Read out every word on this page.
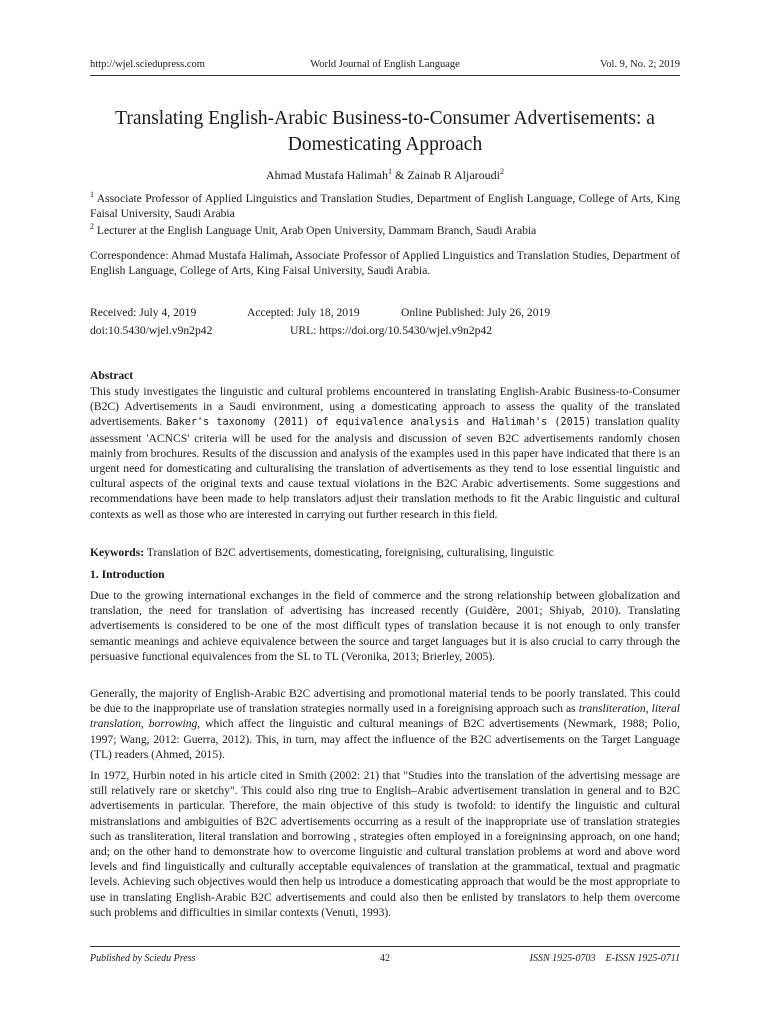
http://wjel.sciedupress.com	World Journal of English Language	Vol. 9, No. 2; 2019
Translating English-Arabic Business-to-Consumer Advertisements: a Domesticating Approach
Ahmad Mustafa Halimah$^1$ & Zainab R Aljaroudi$^2$
$^1$ Associate Professor of Applied Linguistics and Translation Studies, Department of English Language, College of Arts, King Faisal University, Saudi Arabia
$^2$ Lecturer at the English Language Unit, Arab Open University, Dammam Branch, Saudi Arabia
Correspondence: Ahmad Mustafa Halimah, Associate Professor of Applied Linguistics and Translation Studies, Department of English Language, College of Arts, King Faisal University, Saudi Arabia.
Received: July 4, 2019	Accepted: July 18, 2019	Online Published: July 26, 2019
doi:10.5430/wjel.v9n2p42	URL: https://doi.org/10.5430/wjel.v9n2p42
Abstract
This study investigates the linguistic and cultural problems encountered in translating English-Arabic Business-to-Consumer (B2C) Advertisements in a Saudi environment, using a domesticating approach to assess the quality of the translated advertisements. Baker's taxonomy (2011) of equivalence analysis and Halimah's (2015) translation quality assessment 'ACNCS' criteria will be used for the analysis and discussion of seven B2C advertisements randomly chosen mainly from brochures. Results of the discussion and analysis of the examples used in this paper have indicated that there is an urgent need for domesticating and culturalising the translation of advertisements as they tend to lose essential linguistic and cultural aspects of the original texts and cause textual violations in the B2C Arabic advertisements. Some suggestions and recommendations have been made to help translators adjust their translation methods to fit the Arabic linguistic and cultural contexts as well as those who are interested in carrying out further research in this field.
Keywords: Translation of B2C advertisements, domesticating, foreignising, culturalising, linguistic
1. Introduction
Due to the growing international exchanges in the field of commerce and the strong relationship between globalization and translation, the need for translation of advertising has increased recently (Guidère, 2001; Shiyab, 2010). Translating advertisements is considered to be one of the most difficult types of translation because it is not enough to only transfer semantic meanings and achieve equivalence between the source and target languages but it is also crucial to carry through the persuasive functional equivalences from the SL to TL (Veronika, 2013; Brierley, 2005).
Generally, the majority of English-Arabic B2C advertising and promotional material tends to be poorly translated. This could be due to the inappropriate use of translation strategies normally used in a foreignising approach such as transliteration, literal translation, borrowing, which affect the linguistic and cultural meanings of B2C advertisements (Newmark, 1988; Polio, 1997; Wang, 2012: Guerra, 2012). This, in turn, may affect the influence of the B2C advertisements on the Target Language (TL) readers (Ahmed, 2015).
In 1972, Hurbin noted in his article cited in Smith (2002: 21) that "Studies into the translation of the advertising message are still relatively rare or sketchy". This could also ring true to English–Arabic advertisement translation in general and to B2C advertisements in particular. Therefore, the main objective of this study is twofold: to identify the linguistic and cultural mistranslations and ambiguities of B2C advertisements occurring as a result of the inappropriate use of translation strategies such as transliteration, literal translation and borrowing , strategies often employed in a foreigninsing approach, on one hand; and; on the other hand to demonstrate how to overcome linguistic and cultural translation problems at word and above word levels and find linguistically and culturally acceptable equivalences of translation at the grammatical, textual and pragmatic levels. Achieving such objectives would then help us introduce a domesticating approach that would be the most appropriate to use in translating English-Arabic B2C advertisements and could also then be enlisted by translators to help them overcome such problems and difficulties in similar contexts (Venuti, 1993).
Published by Sciedu Press	42	ISSN 1925-0703    E-ISSN 1925-0711
